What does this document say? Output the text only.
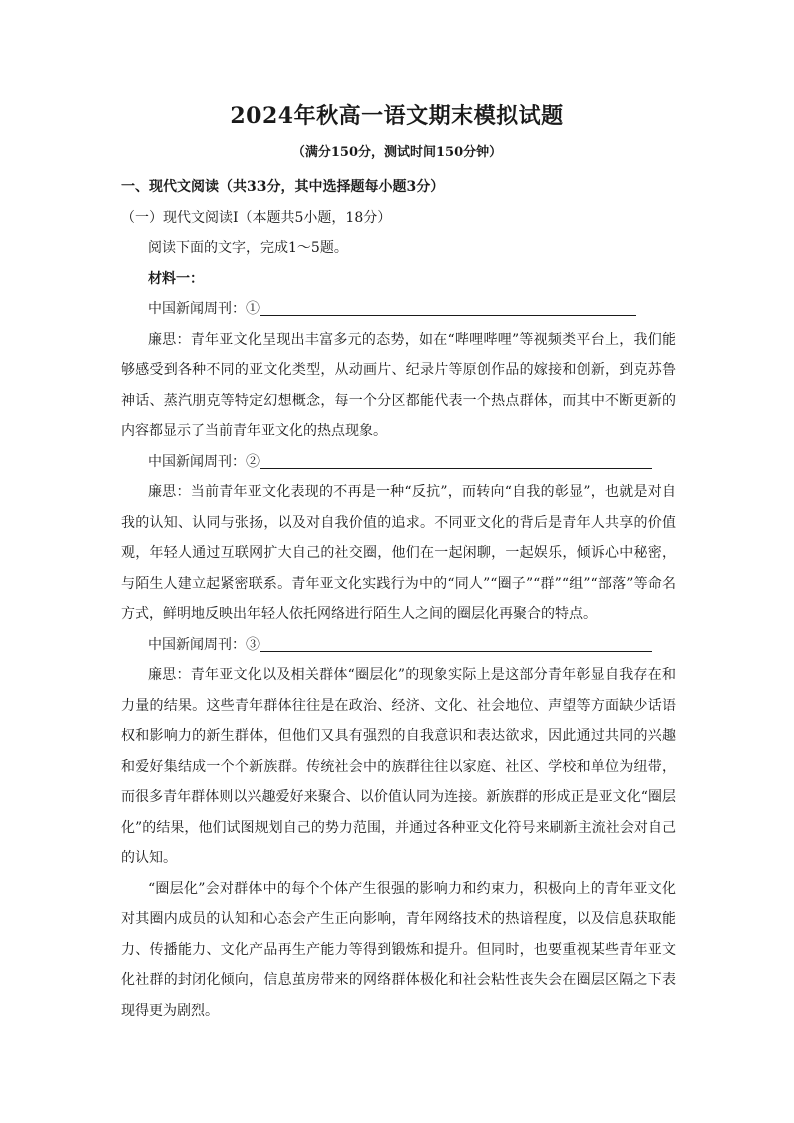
2024年秋高一语文期末模拟试题

（满分150分，测试时间150分钟）

一、现代文阅读（共33分，其中选择题每小题3分）

（一）现代文阅读Ⅰ（本题共5小题，18分）

阅读下面的文字，完成1～5题。

材料一：

中国新闻周刊：①

廉思：青年亚文化呈现出丰富多元的态势，如在“哔哩哔哩”等视频类平台上，我们能够感受到各种不同的亚文化类型，从动画片、纪录片等原创作品的嫁接和创新，到克苏鲁神话、蒸汽朋克等特定幻想概念，每一个分区都能代表一个热点群体，而其中不断更新的内容都显示了当前青年亚文化的热点现象。

中国新闻周刊：②

廉思：当前青年亚文化表现的不再是一种“反抗”，而转向“自我的彰显”，也就是对自我的认知、认同与张扬，以及对自我价值的追求。不同亚文化的背后是青年人共享的价值观，年轻人通过互联网扩大自己的社交圈，他们在一起闲聊，一起娱乐，倾诉心中秘密，与陌生人建立起紧密联系。青年亚文化实践行为中的“同人”“圈子”“群”“组”“部落”等命名方式，鲜明地反映出年轻人依托网络进行陌生人之间的圈层化再聚合的特点。

中国新闻周刊：③

廉思：青年亚文化以及相关群体“圈层化”的现象实际上是这部分青年彰显自我存在和力量的结果。这些青年群体往往是在政治、经济、文化、社会地位、声望等方面缺少话语权和影响力的新生群体，但他们又具有强烈的自我意识和表达欲求，因此通过共同的兴趣和爱好集结成一个个新族群。传统社会中的族群往往以家庭、社区、学校和单位为纽带，而很多青年群体则以兴趣爱好来聚合、以价值认同为连接。新族群的形成正是亚文化“圈层化”的结果，他们试图规划自己的势力范围，并通过各种亚文化符号来刷新主流社会对自己的认知。

“圈层化”会对群体中的每个个体产生很强的影响力和约束力，积极向上的青年亚文化对其圈内成员的认知和心态会产生正向影响，青年网络技术的热谙程度，以及信息获取能力、传播能力、文化产品再生产能力等得到锻炼和提升。但同时，也要重视某些青年亚文化社群的封闭化倾向，信息茧房带来的网络群体极化和社会粘性丧失会在圈层区隔之下表现得更为剧烈。
